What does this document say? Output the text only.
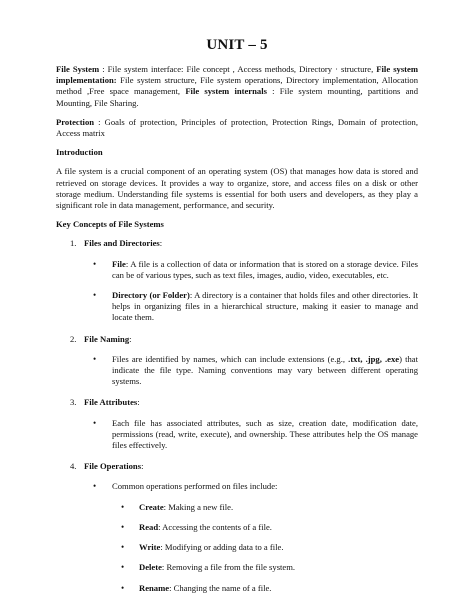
UNIT – 5

File System : File system interface: File concept , Access methods, Directory · structure, File system implementation: File system structure, File system operations, Directory implementation, Allocation method ,Free space management, File system internals : File system mounting, partitions and Mounting, File Sharing.

Protection : Goals of protection, Principles of protection, Protection Rings, Domain of protection, Access matrix

Introduction

A file system is a crucial component of an operating system (OS) that manages how data is stored and retrieved on storage devices. It provides a way to organize, store, and access files on a disk or other storage medium. Understanding file systems is essential for both users and developers, as they play a significant role in data management, performance, and security.

Key Concepts of File Systems
1. Files and Directories:

• File: A file is a collection of data or information that is stored on a storage device. Files can be of various types, such as text files, images, audio, video, executables, etc.

• Directory (or Folder): A directory is a container that holds files and other directories. It helps in organizing files in a hierarchical structure, making it easier to manage and locate them.

2. File Naming:

• Files are identified by names, which can include extensions (e.g., .txt, .jpg, .exe) that indicate the file type. Naming conventions may vary between different operating systems.

3. File Attributes:

• Each file has associated attributes, such as size, creation date, modification date, permissions (read, write, execute), and ownership. These attributes help the OS manage files effectively.

4. File Operations:

• Common operations performed on files include:

• Create: Making a new file.

• Read: Accessing the contents of a file.

• Write: Modifying or adding data to a file.

• Delete: Removing a file from the file system.

• Rename: Changing the name of a file.
